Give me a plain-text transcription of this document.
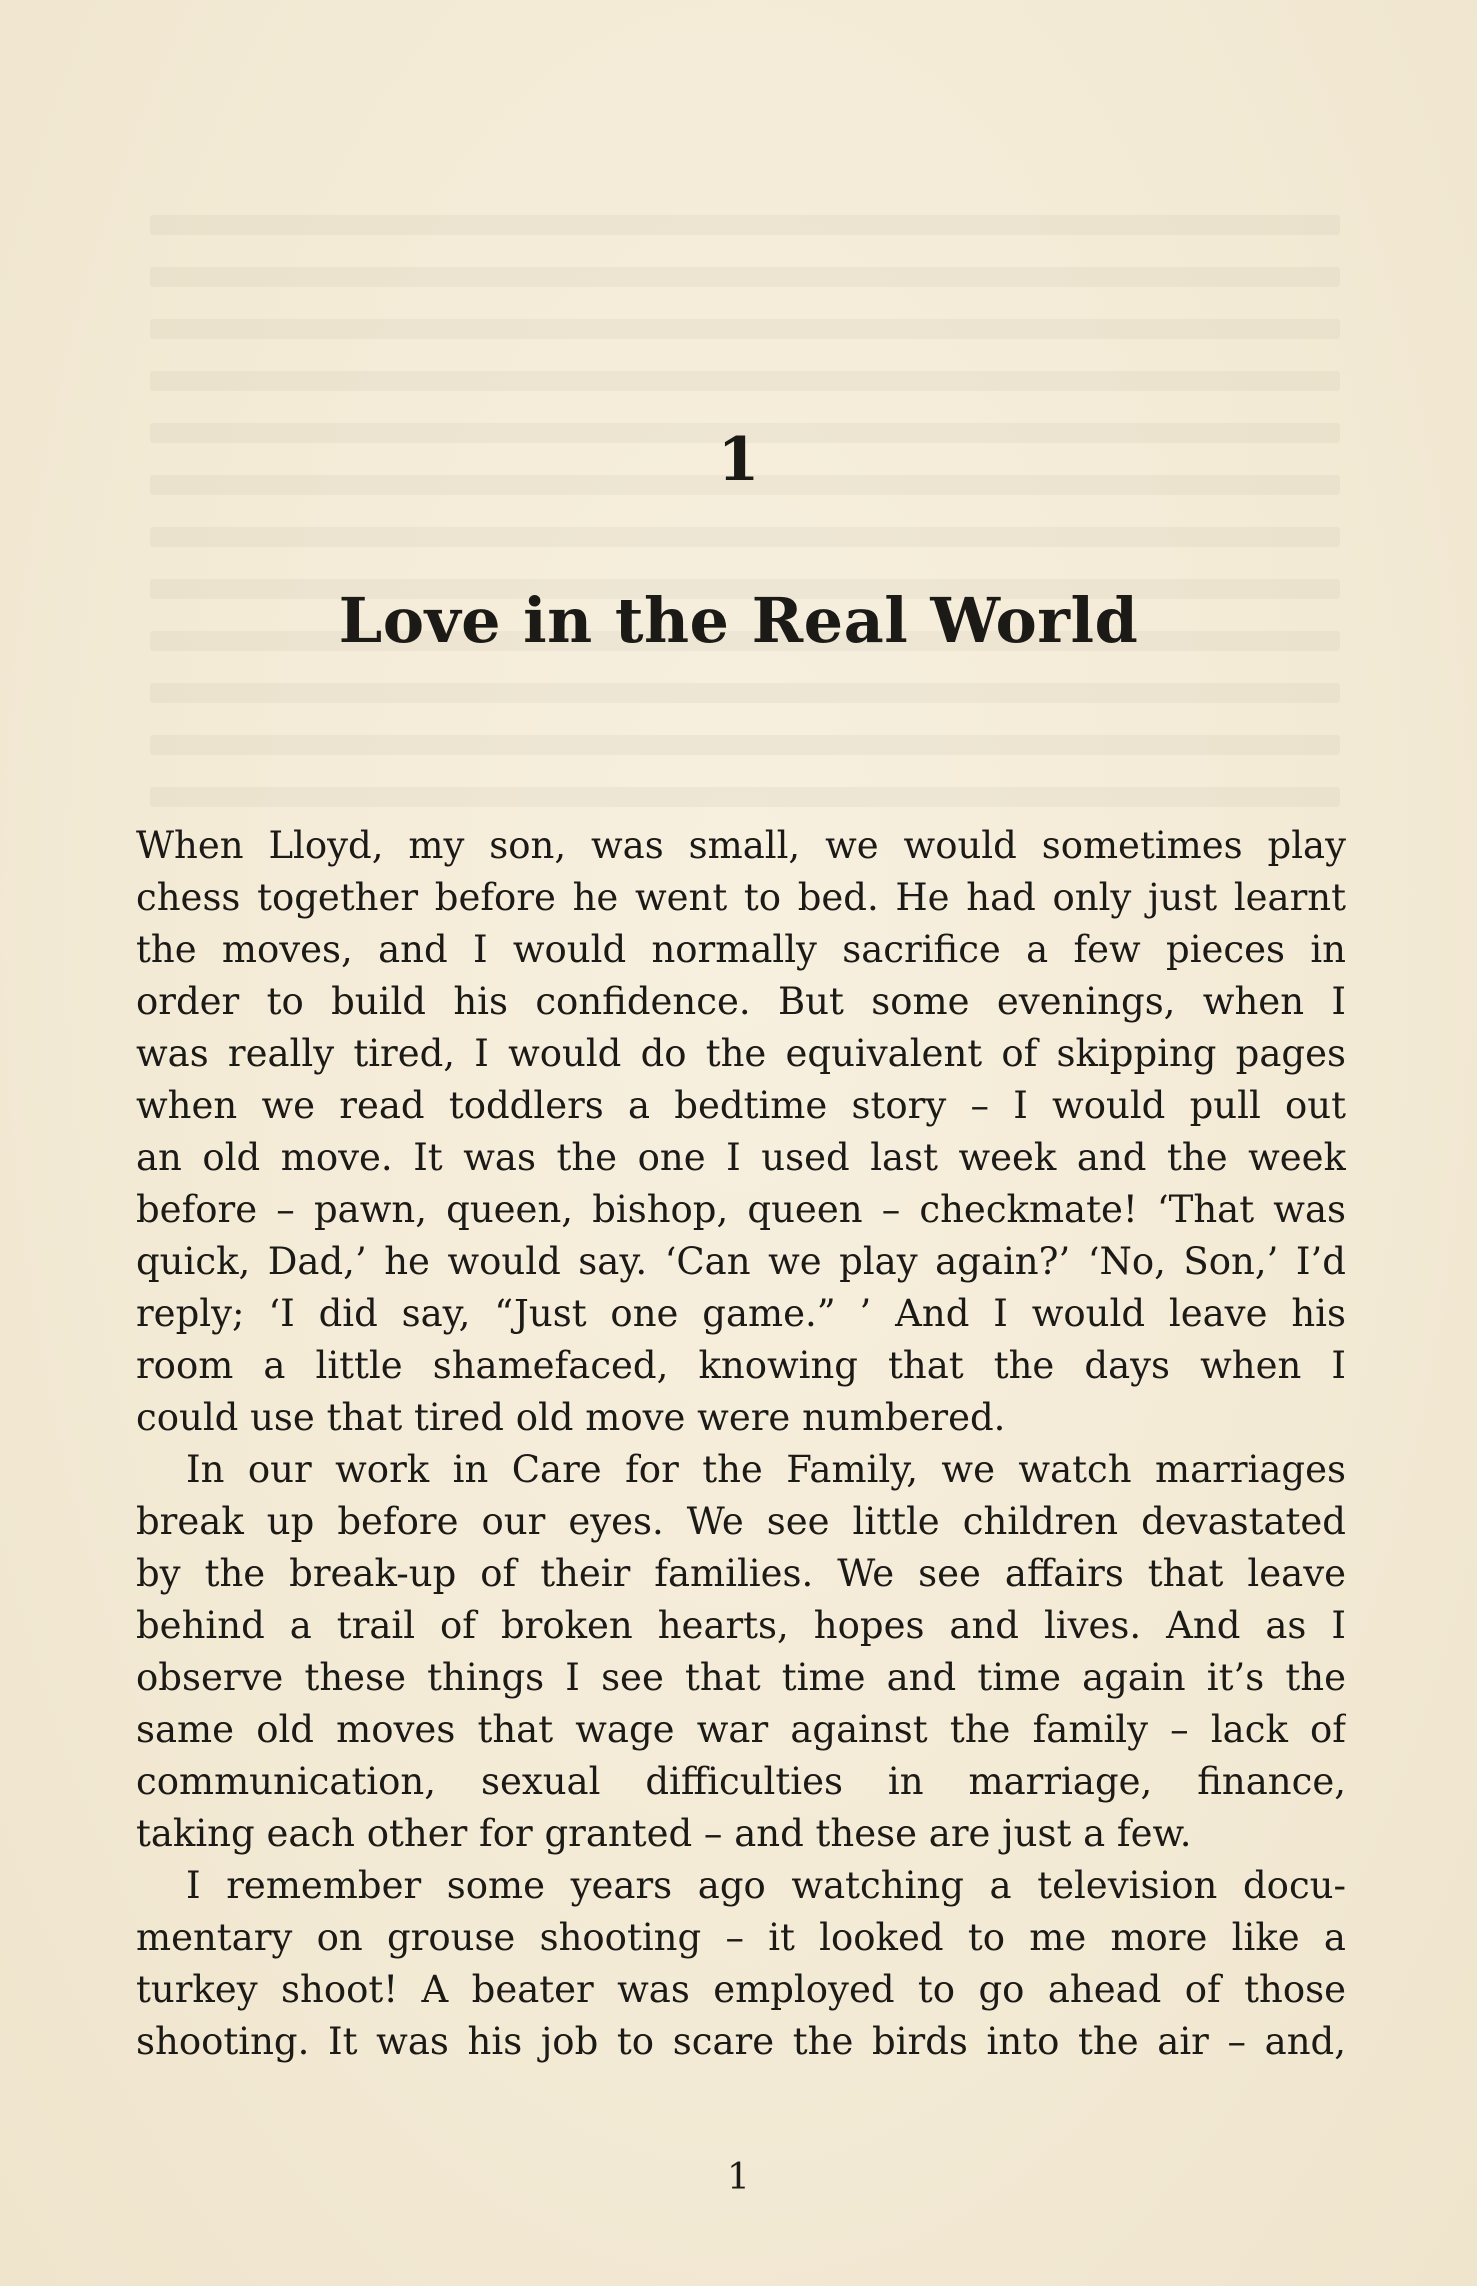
1
Love in the Real World
When Lloyd, my son, was small, we would sometimes play
chess together before he went to bed. He had only just learnt
the moves, and I would normally sacrifice a few pieces in
order to build his confidence. But some evenings, when I
was really tired, I would do the equivalent of skipping pages
when we read toddlers a bedtime story – I would pull out
an old move. It was the one I used last week and the week
before – pawn, queen, bishop, queen – checkmate! ‘That was
quick, Dad,’ he would say. ‘Can we play again?’ ‘No, Son,’ I’d
reply; ‘I did say, “Just one game.” ’ And I would leave his
room a little shamefaced, knowing that the days when I
could use that tired old move were numbered.
In our work in Care for the Family, we watch marriages
break up before our eyes. We see little children devastated
by the break-up of their families. We see affairs that leave
behind a trail of broken hearts, hopes and lives. And as I
observe these things I see that time and time again it’s the
same old moves that wage war against the family – lack of
communication, sexual difficulties in marriage, finance,
taking each other for granted – and these are just a few.
I remember some years ago watching a television docu-
mentary on grouse shooting – it looked to me more like a
turkey shoot! A beater was employed to go ahead of those
shooting. It was his job to scare the birds into the air – and,
1
